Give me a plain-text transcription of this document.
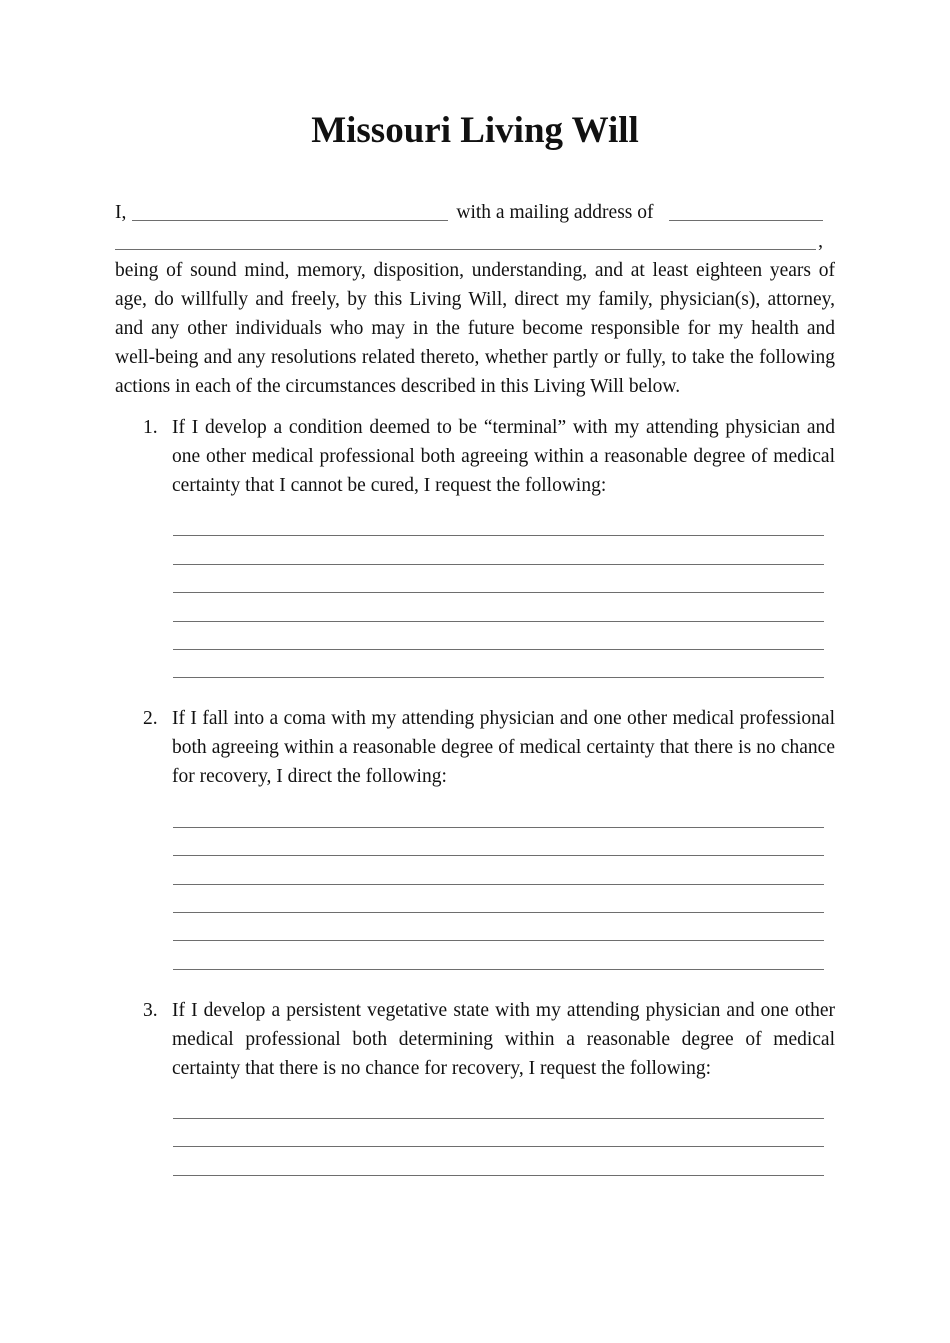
Missouri Living Will
I,	with a mailing address of
,

being of sound mind, memory, disposition, understanding, and at least eighteen years of age, do willfully and freely, by this Living Will, direct my family, physician(s), attorney, and any other individuals who may in the future become responsible for my health and well-being and any resolutions related thereto, whether partly or fully, to take the following actions in each of the circumstances described in this Living Will below.

1. If I develop a condition deemed to be “terminal” with my attending physician and one other medical professional both agreeing within a reasonable degree of medical certainty that I cannot be cured, I request the following:

2. If I fall into a coma with my attending physician and one other medical professional both agreeing within a reasonable degree of medical certainty that there is no chance for recovery, I direct the following:

3. If I develop a persistent vegetative state with my attending physician and one other medical professional both determining within a reasonable degree of medical certainty that there is no chance for recovery, I request the following:
